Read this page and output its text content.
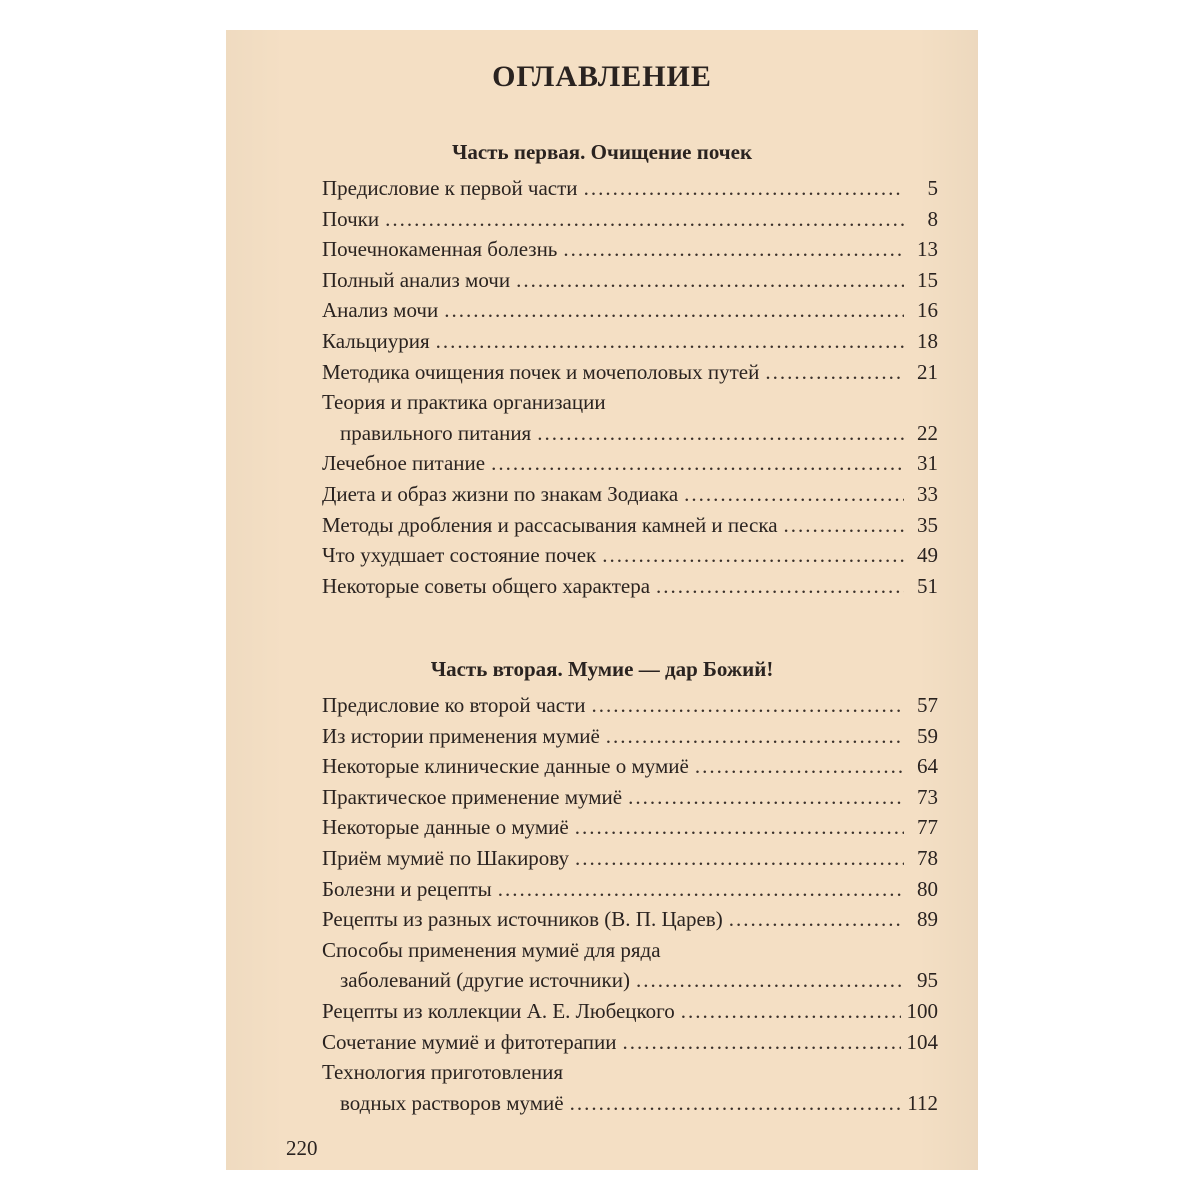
ОГЛАВЛЕНИЕ
Часть первая. Очищение почек
Предисловие к первой части .....	5
Почки .....	8
Почечнокаменная болезнь .....	13
Полный анализ мочи .....	15
Анализ мочи .....	16
Кальциурия .....	18
Методика очищения почек и мочеполовых путей .....	21
Теория и практика организации
правильного питания .....	22
Лечебное питание .....	31
Диета и образ жизни по знакам Зодиака .....	33
Методы дробления и рассасывания камней и песка .....	35
Что ухудшает состояние почек .....	49
Некоторые советы общего характера .....	51
Часть вторая. Мумие — дар Божий!
Предисловие ко второй части .....	57
Из истории применения мумиё .....	59
Некоторые клинические данные о мумиё .....	64
Практическое применение мумиё .....	73
Некоторые данные о мумиё .....	77
Приём мумиё по Шакирову .....	78
Болезни и рецепты .....	80
Рецепты из разных источников (В. П. Царев) .....	89
Способы применения мумиё для ряда
заболеваний (другие источники) .....	95
Рецепты из коллекции А. Е. Любецкого .....	100
Сочетание мумиё и фитотерапии .....	104
Технология приготовления
водных растворов мумиё .....	112
220
